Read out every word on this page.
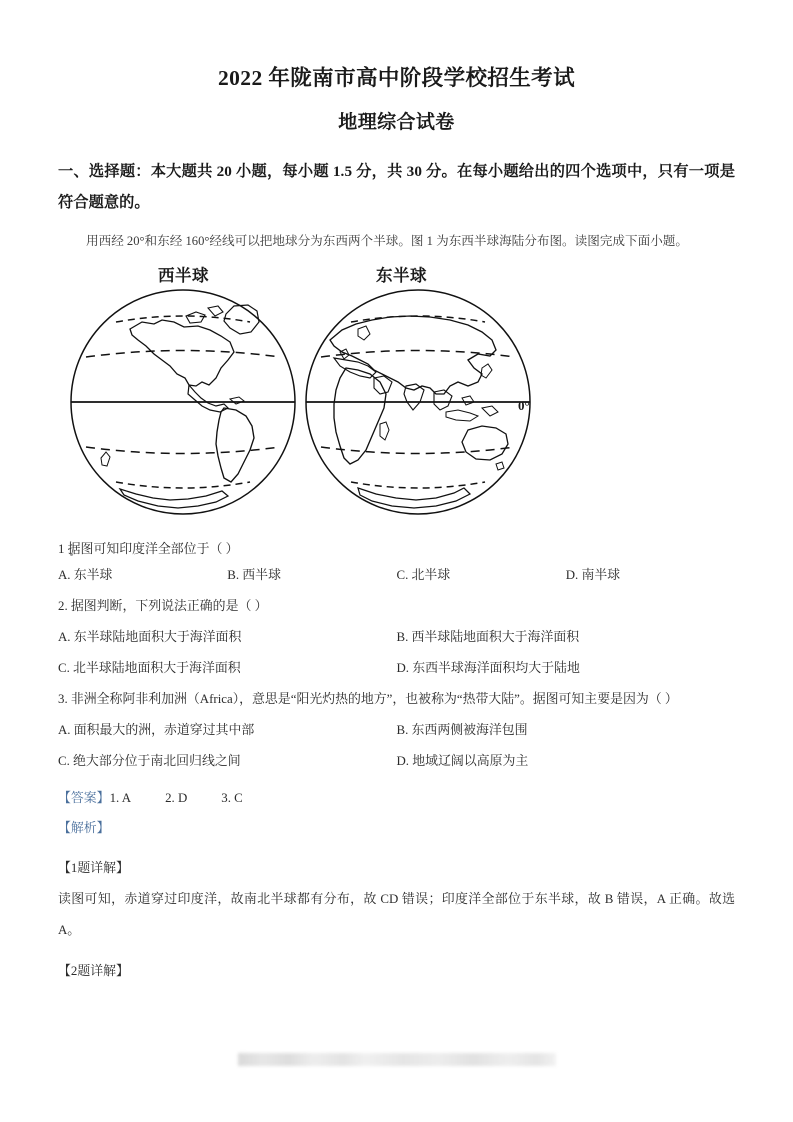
2022 年陇南市高中阶段学校招生考试
地理综合试卷

一、选择题：本大题共 20 小题，每小题 1.5 分，共 30 分。在每小题给出的四个选项中，只有一项是符合题意的。

用西经 20°和东经 160°经线可以把地球分为东西两个半球。图 1 为东西半球海陆分布图。读图完成下面小题。

西半球	东半球
0°

1 据图可知印度洋全部位于（ ）

A. 东半球	B. 西半球	C. 北半球	D. 南半球

2. 据图判断，下列说法正确的是（ ）

A. 东半球陆地面积大于海洋面积	B. 西半球陆地面积大于海洋面积
C. 北半球陆地面积大于海洋面积	D. 东西半球海洋面积均大于陆地

3. 非洲全称阿非利加洲（Africa），意思是“阳光灼热的地方”，也被称为“热带大陆”。据图可知主要是因为（ ）

A. 面积最大的洲，赤道穿过其中部	B. 东西两侧被海洋包围
C. 绝大部分位于南北回归线之间	D. 地域辽阔以高原为主

【答案】1. A	2. D	3. C

【解析】

【1题详解】

读图可知，赤道穿过印度洋，故南北半球都有分布，故 CD 错误；印度洋全部位于东半球，故 B 错误，A 正确。故选 A。

【2题详解】
